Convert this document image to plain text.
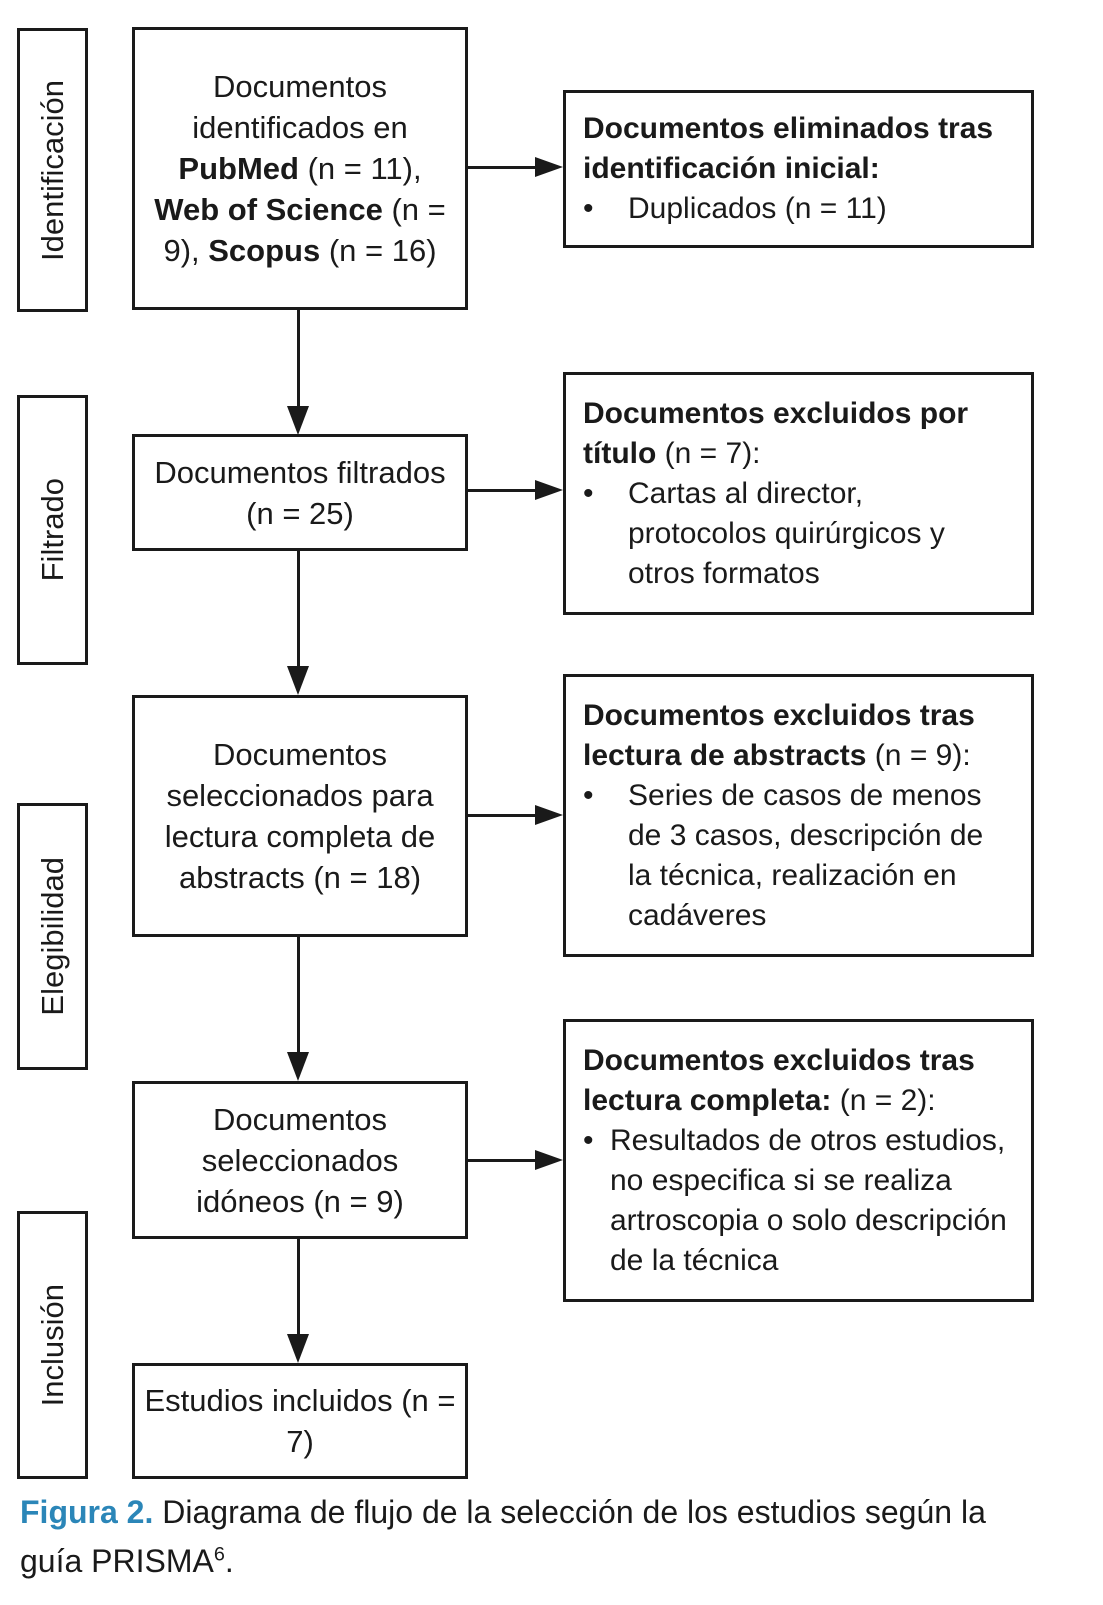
Identificación
Filtrado
Elegibilidad
Inclusión
Documentos identificados en PubMed (n = 11), Web of Science (n = 9), Scopus (n = 16)
Documentos filtrados (n = 25)
Documentos seleccionados para lectura completa de abstracts (n = 18)
Documentos seleccionados idóneos (n = 9)
Estudios incluidos (n = 7)
Documentos eliminados tras identificación inicial:
•	Duplicados (n = 11)
Documentos excluidos por título (n = 7):
•	Cartas al director, protocolos quirúrgicos y otros formatos
Documentos excluidos tras lectura de abstracts (n = 9):
•	Series de casos de menos de 3 casos, descripción de la técnica, realización en cadáveres
Documentos excluidos tras lectura completa: (n = 2):
• Resultados de otros estudios, no especifica si se realiza artroscopia o solo descripción de la técnica
Figura 2. Diagrama de flujo de la selección de los estudios según la guía PRISMA$^6$.
